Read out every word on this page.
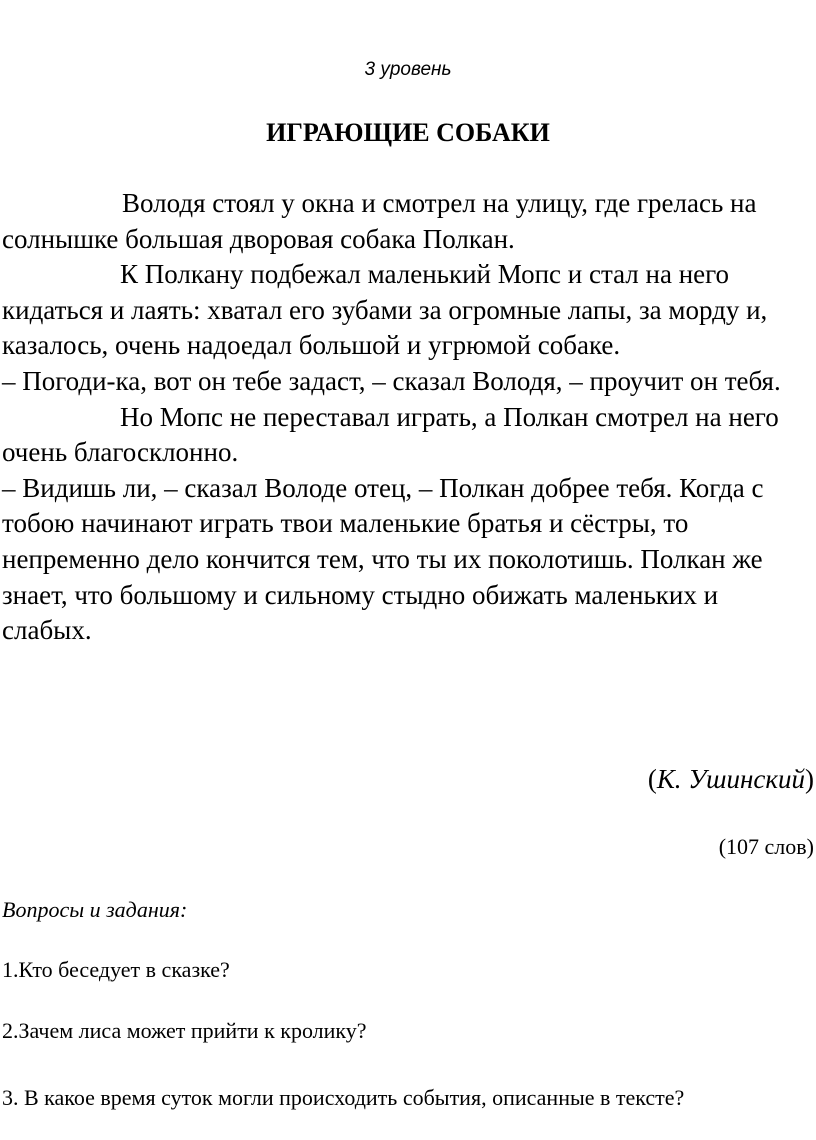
3 уровень
ИГРАЮЩИЕ СОБАКИ

Володя стоял у окна и смотрел на улицу, где грелась на солнышке большая дворовая собака Полкан.

К Полкану подбежал маленький Мопс и стал на него кидаться и лаять: хватал его зубами за огромные лапы, за морду и, казалось, очень надоедал большой и угрюмой собаке.

– Погоди-ка, вот он тебе задаст, – сказал Володя, – проучит он тебя.

Но Мопс не переставал играть, а Полкан смотрел на него очень благосклонно.

– Видишь ли, – сказал Володе отец, – Полкан добрее тебя. Когда с тобою начинают играть твои маленькие братья и сёстры, то непременно дело кончится тем, что ты их поколотишь. Полкан же знает, что большому и сильному стыдно обижать маленьких и слабых.

(К. Ушинский)
(107 слов)
Вопросы и задания:
1.Кто беседует в сказке?
2.Зачем лиса может прийти к кролику?
3. В какое время суток могли происходить события, описанные в тексте?
